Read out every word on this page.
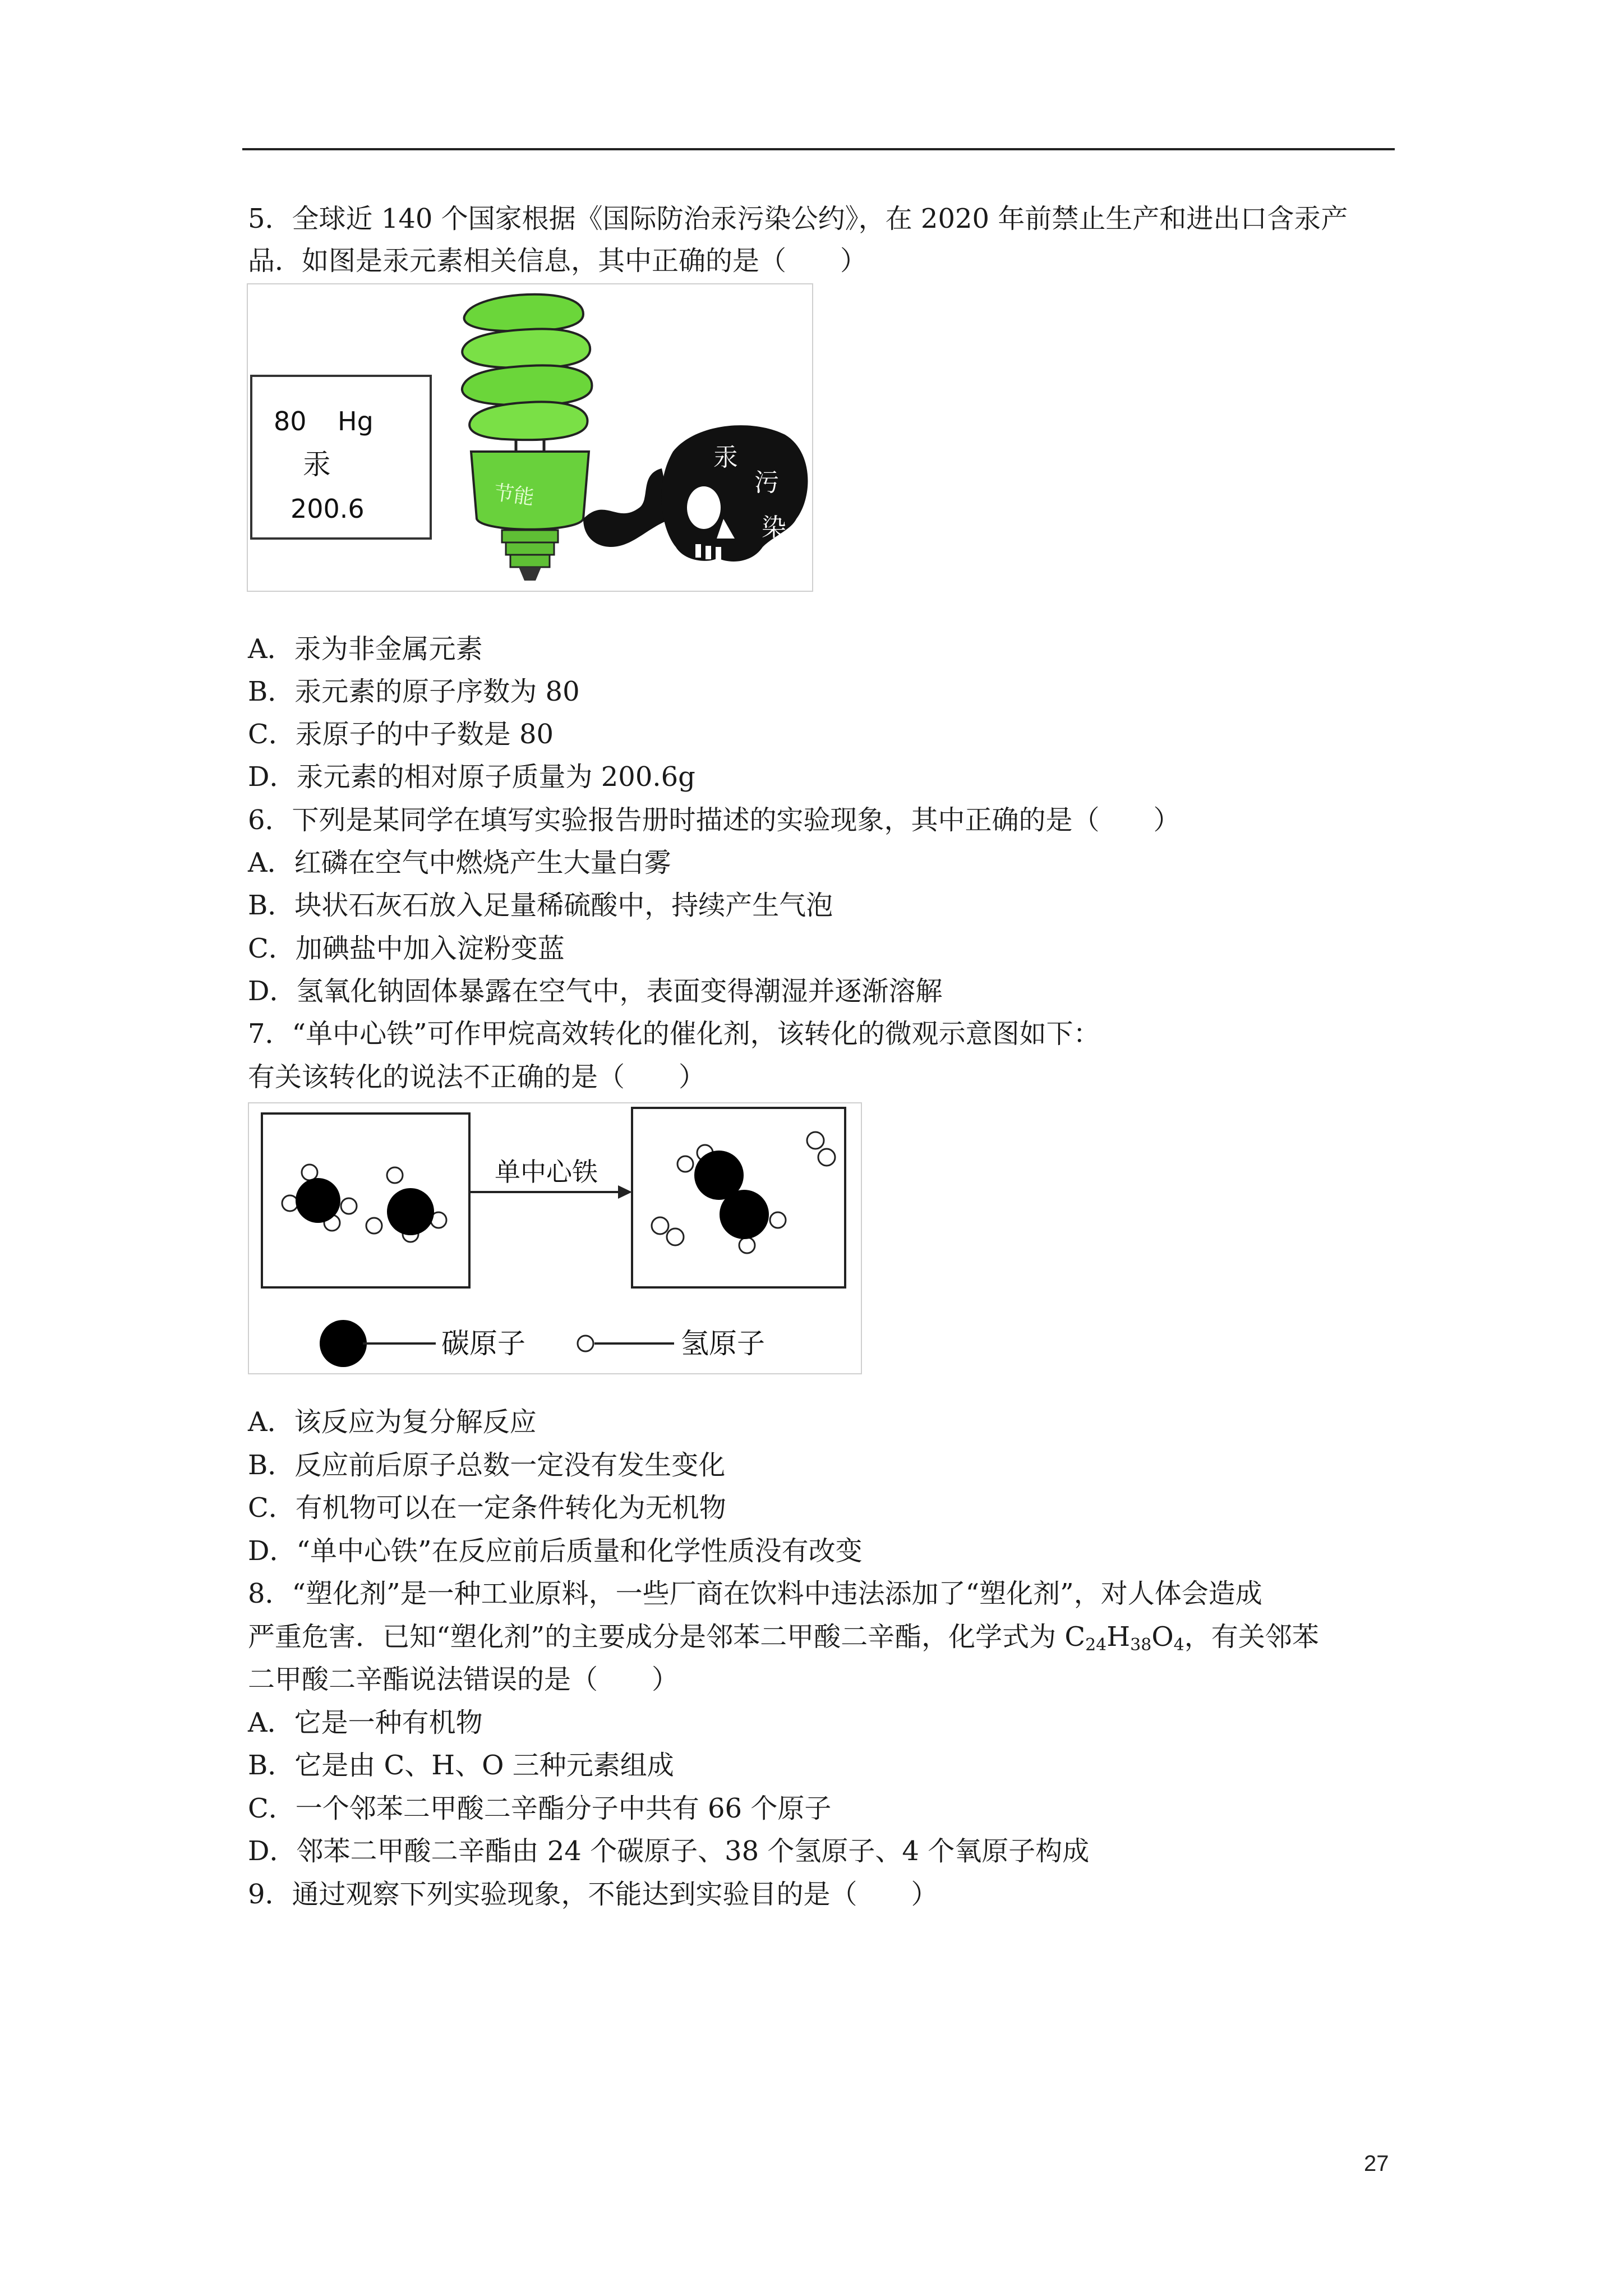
5．全球近 140 个国家根据《国际防治汞污染公约》，在 2020 年前禁止生产和进出口含汞产
品．如图是汞元素相关信息，其中正确的是（　　）
80 Hg
汞
200.6	节能
汞
污
染
A．汞为非金属元素
B．汞元素的原子序数为 80
C．汞原子的中子数是 80
D．汞元素的相对原子质量为 200.6g
6．下列是某同学在填写实验报告册时描述的实验现象，其中正确的是（　　）
A．红磷在空气中燃烧产生大量白雾
B．块状石灰石放入足量稀硫酸中，持续产生气泡
C．加碘盐中加入淀粉变蓝
D．氢氧化钠固体暴露在空气中，表面变得潮湿并逐渐溶解
7．“单中心铁”可作甲烷高效转化的催化剂，该转化的微观示意图如下：
有关该转化的说法不正确的是（　　）
单中心铁
碳原子	氢原子
A．该反应为复分解反应
B．反应前后原子总数一定没有发生变化
C．有机物可以在一定条件转化为无机物
D．“单中心铁”在反应前后质量和化学性质没有改变
8．“塑化剂”是一种工业原料，一些厂商在饮料中违法添加了“塑化剂”，对人体会造成
严重危害．已知“塑化剂”的主要成分是邻苯二甲酸二辛酯，化学式为 $C_{24}H_{38}O_4$，有关邻苯
二甲酸二辛酯说法错误的是（　　）
A．它是一种有机物
B．它是由 C、H、O 三种元素组成
C．一个邻苯二甲酸二辛酯分子中共有 66 个原子
D．邻苯二甲酸二辛酯由 24 个碳原子、38 个氢原子、4 个氧原子构成
9．通过观察下列实验现象，不能达到实验目的是（　　）
27
